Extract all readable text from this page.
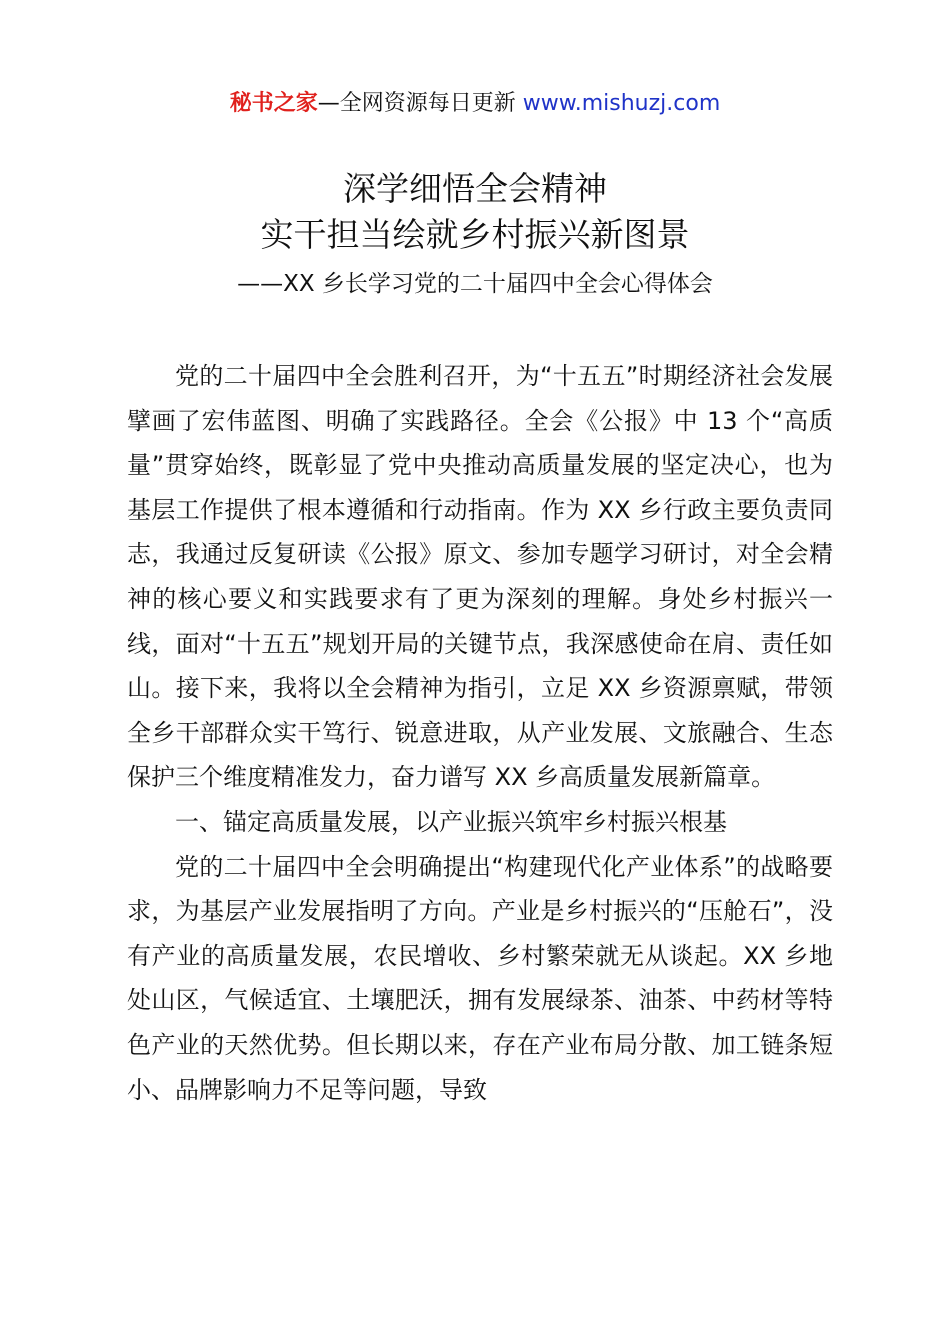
秘书之家—全网资源每日更新 www.mishuzj.com
深学细悟全会精神
实干担当绘就乡村振兴新图景
——XX 乡长学习党的二十届四中全会心得体会

党的二十届四中全会胜利召开，为“十五五”时期经济社会发展擘画了宏伟蓝图、明确了实践路径。全会《公报》中 13 个“高质量”贯穿始终，既彰显了党中央推动高质量发展的坚定决心，也为基层工作提供了根本遵循和行动指南。作为 XX 乡行政主要负责同志，我通过反复研读《公报》原文、参加专题学习研讨，对全会精神的核心要义和实践要求有了更为深刻的理解。身处乡村振兴一线，面对“十五五”规划开局的关键节点，我深感使命在肩、责任如山。接下来，我将以全会精神为指引，立足 XX 乡资源禀赋，带领全乡干部群众实干笃行、锐意进取，从产业发展、文旅融合、生态保护三个维度精准发力，奋力谱写 XX 乡高质量发展新篇章。

一、锚定高质量发展，以产业振兴筑牢乡村振兴根基

党的二十届四中全会明确提出“构建现代化产业体系”的战略要求，为基层产业发展指明了方向。产业是乡村振兴的“压舱石”，没有产业的高质量发展，农民增收、乡村繁荣就无从谈起。XX 乡地处山区，气候适宜、土壤肥沃，拥有发展绿茶、油茶、中药材等特色产业的天然优势。但长期以来，存在产业布局分散、加工链条短小、品牌影响力不足等问题，导致
